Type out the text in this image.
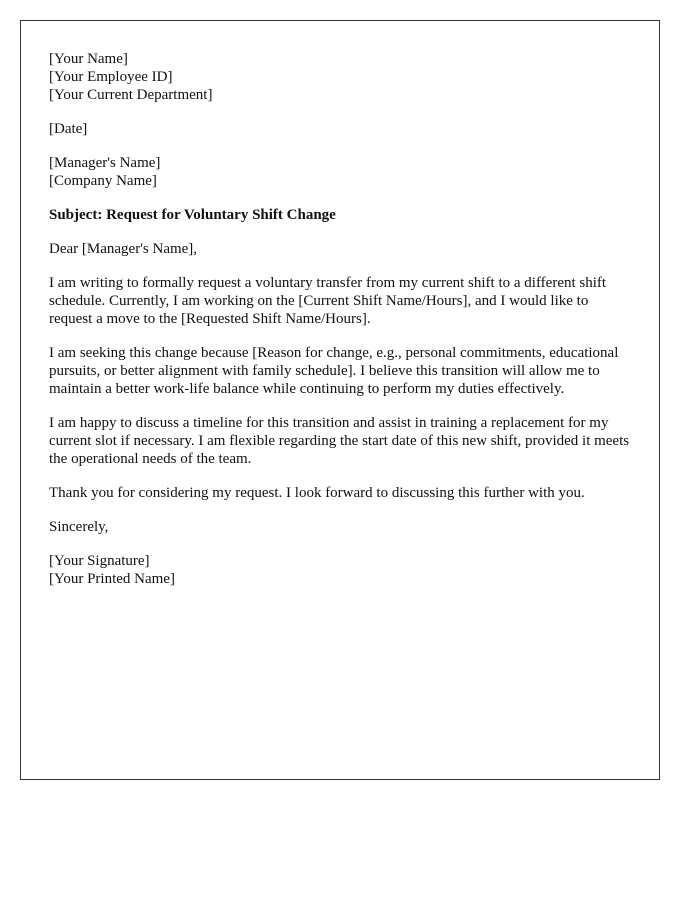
[Your Name]
[Your Employee ID]
[Your Current Department]
[Date]
[Manager's Name]
[Company Name]

Subject: Request for Voluntary Shift Change

Dear [Manager's Name],

I am writing to formally request a voluntary transfer from my current shift to a different shift schedule. Currently, I am working on the [Current Shift Name/Hours], and I would like to request a move to the [Requested Shift Name/Hours].

I am seeking this change because [Reason for change, e.g., personal commitments, educational pursuits, or better alignment with family schedule]. I believe this transition will allow me to maintain a better work-life balance while continuing to perform my duties effectively.

I am happy to discuss a timeline for this transition and assist in training a replacement for my current slot if necessary. I am flexible regarding the start date of this new shift, provided it meets the operational needs of the team.

Thank you for considering my request. I look forward to discussing this further with you.

Sincerely,

[Your Signature]
[Your Printed Name]
